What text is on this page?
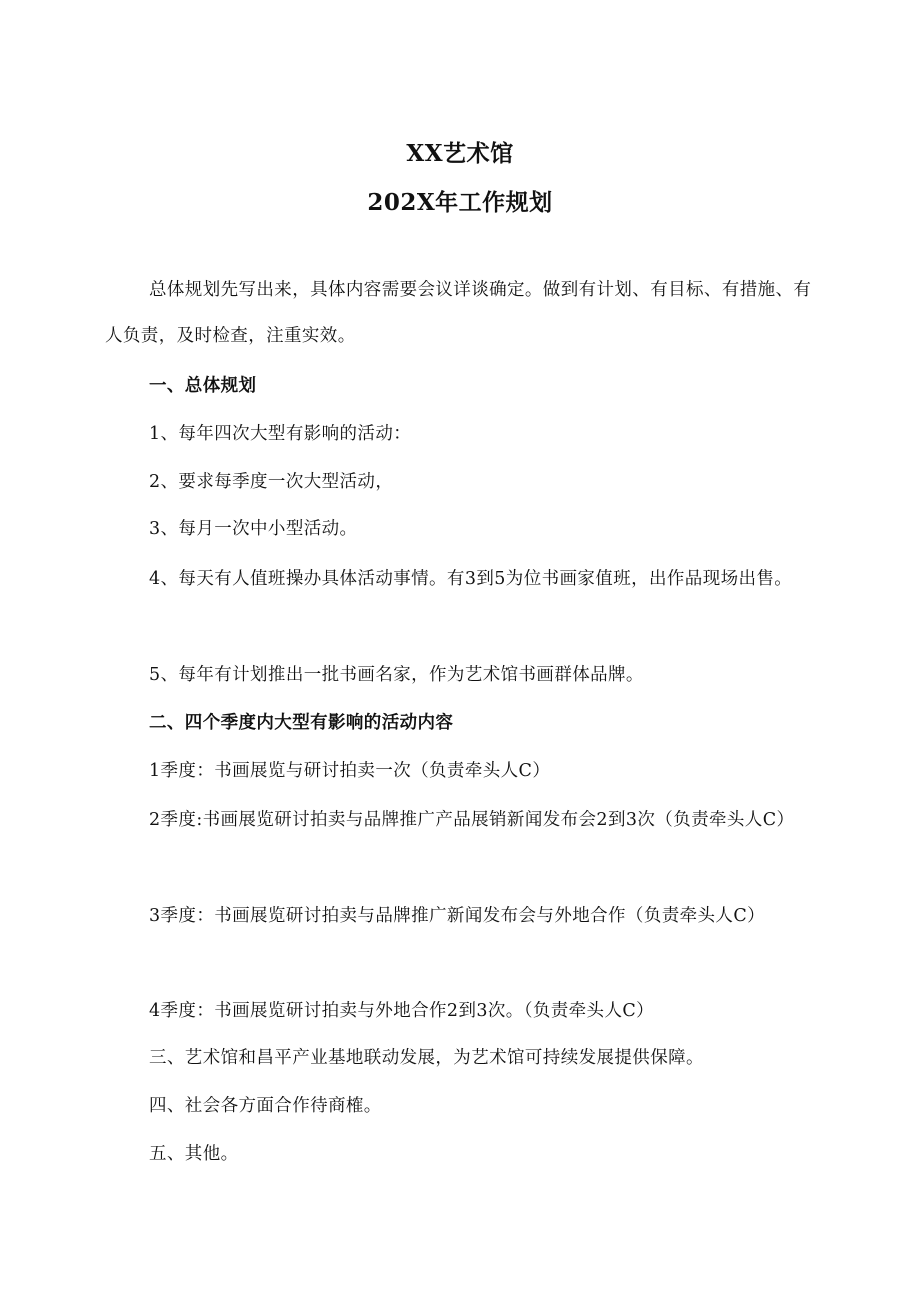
XX艺术馆
202X年工作规划
总体规划先写出来，具体内容需要会议详谈确定。做到有计划、有目标、有措施、有人负责，及时检查，注重实效。
一、总体规划
1、每年四次大型有影响的活动：
2、要求每季度一次大型活动，
3、每月一次中小型活动。
4、每天有人值班操办具体活动事情。有3到5为位书画家值班，出作品现场出售。
5、每年有计划推出一批书画名家，作为艺术馆书画群体品牌。
二、四个季度内大型有影响的活动内容
1季度：书画展览与研讨拍卖一次（负责牵头人C）
2季度:书画展览研讨拍卖与品牌推广产品展销新闻发布会2到3次（负责牵头人C）
3季度：书画展览研讨拍卖与品牌推广新闻发布会与外地合作（负责牵头人C）
4季度：书画展览研讨拍卖与外地合作2到3次。（负责牵头人C）
三、艺术馆和昌平产业基地联动发展，为艺术馆可持续发展提供保障。
四、社会各方面合作待商榷。
五、其他。
